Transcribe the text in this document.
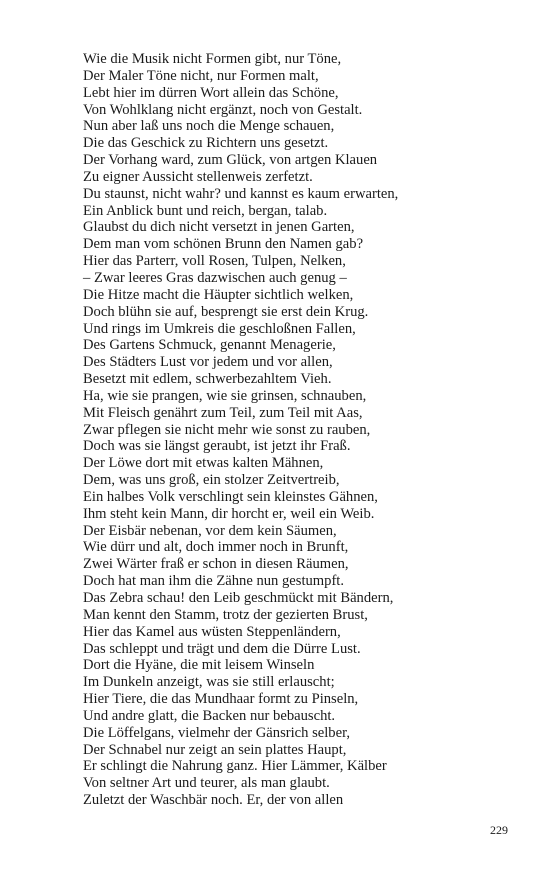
Wie die Musik nicht Formen gibt, nur Töne,
Der Maler Töne nicht, nur Formen malt,
Lebt hier im dürren Wort allein das Schöne,
Von Wohlklang nicht ergänzt, noch von Gestalt.
Nun aber laß uns noch die Menge schauen,
Die das Geschick zu Richtern uns gesetzt.
Der Vorhang ward, zum Glück, von artgen Klauen
Zu eigner Aussicht stellenweis zerfetzt.
Du staunst, nicht wahr? und kannst es kaum erwarten,
Ein Anblick bunt und reich, bergan, talab.
Glaubst du dich nicht versetzt in jenen Garten,
Dem man vom schönen Brunn den Namen gab?
Hier das Parterr, voll Rosen, Tulpen, Nelken,
– Zwar leeres Gras dazwischen auch genug –
Die Hitze macht die Häupter sichtlich welken,
Doch blühn sie auf, besprengt sie erst dein Krug.
Und rings im Umkreis die geschloßnen Fallen,
Des Gartens Schmuck, genannt Menagerie,
Des Städters Lust vor jedem und vor allen,
Besetzt mit edlem, schwerbezahltem Vieh.
Ha, wie sie prangen, wie sie grinsen, schnauben,
Mit Fleisch genährt zum Teil, zum Teil mit Aas,
Zwar pflegen sie nicht mehr wie sonst zu rauben,
Doch was sie längst geraubt, ist jetzt ihr Fraß.
Der Löwe dort mit etwas kalten Mähnen,
Dem, was uns groß, ein stolzer Zeitvertreib,
Ein halbes Volk verschlingt sein kleinstes Gähnen,
Ihm steht kein Mann, dir horcht er, weil ein Weib.
Der Eisbär nebenan, vor dem kein Säumen,
Wie dürr und alt, doch immer noch in Brunft,
Zwei Wärter fraß er schon in diesen Räumen,
Doch hat man ihm die Zähne nun gestumpft.
Das Zebra schau! den Leib geschmückt mit Bändern,
Man kennt den Stamm, trotz der gezierten Brust,
Hier das Kamel aus wüsten Steppenländern,
Das schleppt und trägt und dem die Dürre Lust.
Dort die Hyäne, die mit leisem Winseln
Im Dunkeln anzeigt, was sie still erlauscht;
Hier Tiere, die das Mundhaar formt zu Pinseln,
Und andre glatt, die Backen nur bebauscht.
Die Löffelgans, vielmehr der Gänsrich selber,
Der Schnabel nur zeigt an sein plattes Haupt,
Er schlingt die Nahrung ganz. Hier Lämmer, Kälber
Von seltner Art und teurer, als man glaubt.
Zuletzt der Waschbär noch. Er, der von allen
229
